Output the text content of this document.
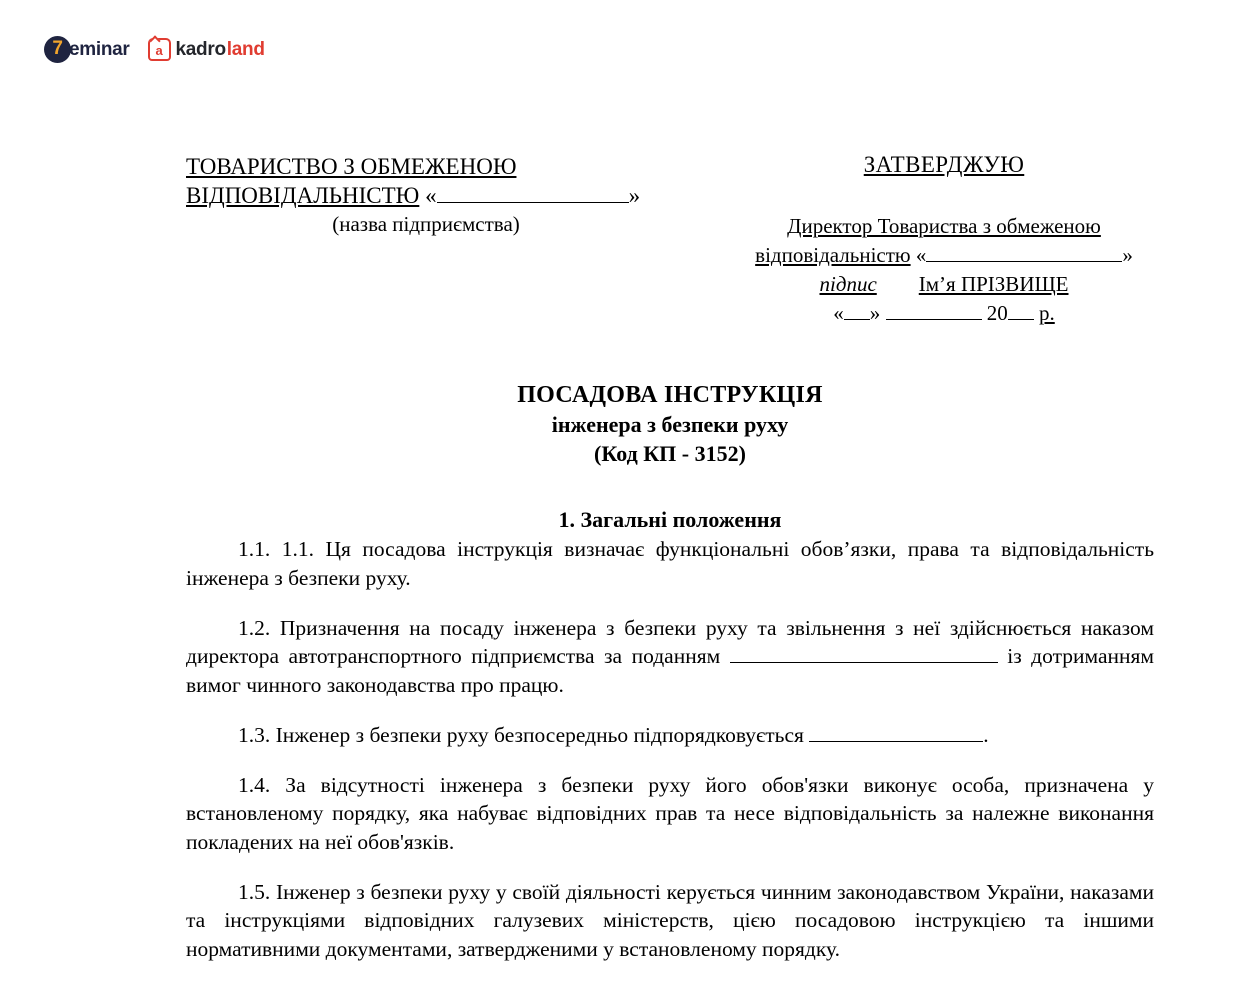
7 eminar	a kadro land
ТОВАРИСТВО З ОБМЕЖЕНОЮ
ВІДПОВІДАЛЬНІСТЮ «	»
(назва підприємства)
ЗАТВЕРДЖУЮ
Директор Товариства з обмеженою
відповідальністю «	»
підпис Ім’я ПРІЗВИЩЕ
« »	20 р.
ПОСАДОВА ІНСТРУКЦІЯ
інженера з безпеки руху
(Код КП - 3152)
1. Загальні положення

1.1. 1.1. Ця посадова інструкція визначає функціональні обов’язки, права та відповідальність інженера з безпеки руху.

1.2. Призначення на посаду інженера з безпеки руху та звільнення з неї здійснюється наказом директора автотранспортного підприємства за поданням	із дотриманням вимог чинного законодавства про працю.

1.3. Інженер з безпеки руху безпосередньо підпорядковується	.

1.4. За відсутності інженера з безпеки руху його обов'язки виконує особа, призначена у встановленому порядку, яка набуває відповідних прав та несе відповідальність за належне виконання покладених на неї обов'язків.

1.5. Інженер з безпеки руху у своїй діяльності керується чинним законодавством України, наказами та інструкціями відповідних галузевих міністерств, цією посадовою інструкцією та іншими нормативними документами, затвердженими у встановленому порядку.
